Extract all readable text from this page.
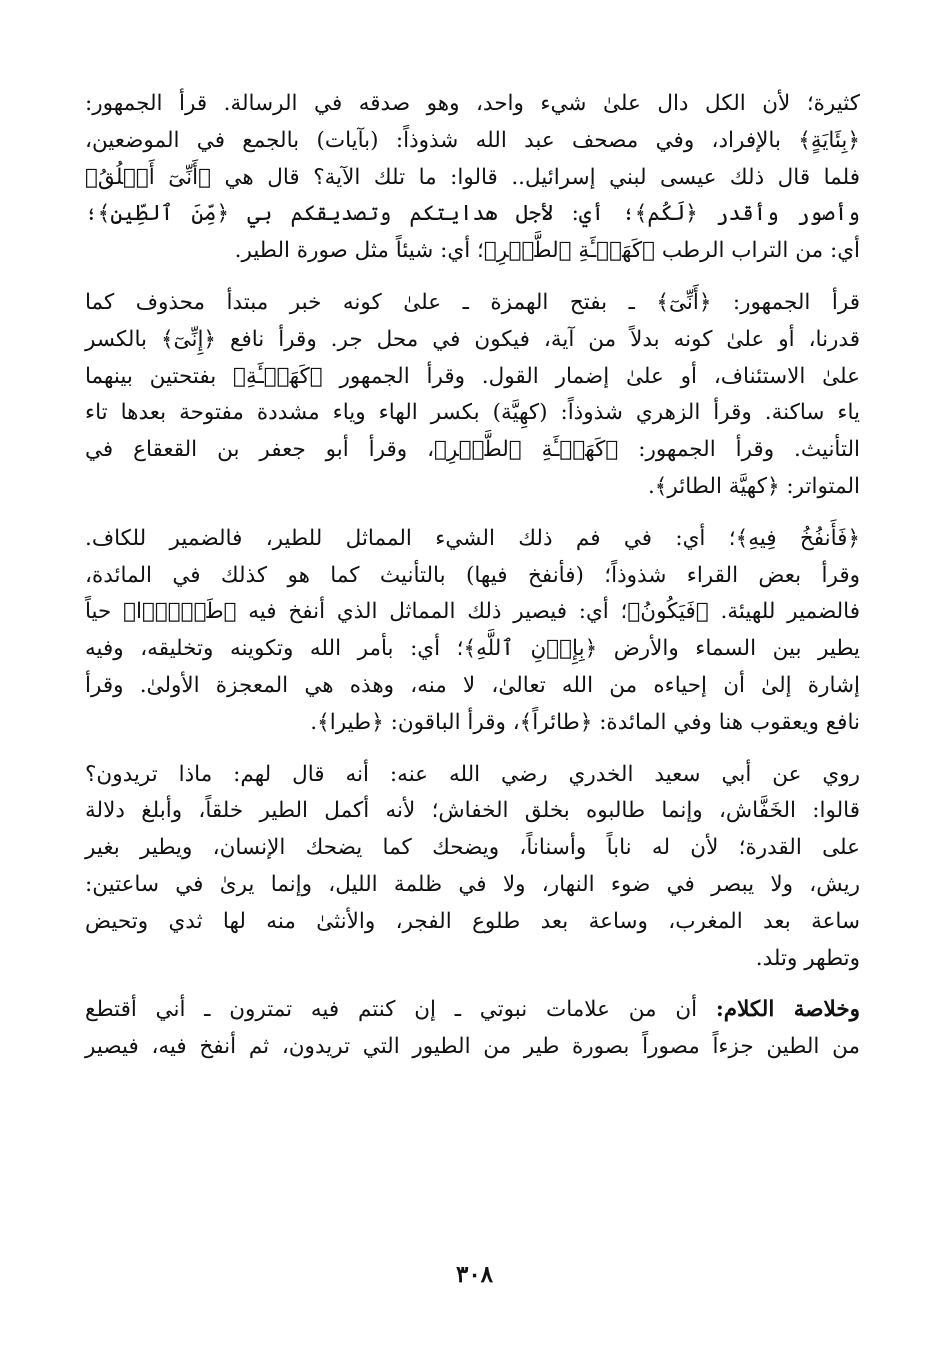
كثيرة؛ لأن الكل دال علىٰ شيء واحد، وهو صدقه في الرسالة. قرأ الجمهور:
﴿بِئَايَةٍ﴾ بالإفراد، وفي مصحف عبد الله شذوذاً: (بآيات) بالجمع في الموضعين،
فلما قال ذلك عيسى لبني إسرائيل.. قالوا: ما تلك الآية؟ قال هي ﴿أَنِّىٓ أَخۡلُقُ﴾
وأصور وأقدر ﴿لَكُم﴾؛ أي: لأجل هدايتكم وتصديقكم بي ﴿مِّنَ ٱلطِّينِ﴾؛
أي: من التراب الرطب ﴿كَهَيۡـَٔةِ ٱلطَّيۡرِ﴾؛ أي: شيئاً مثل صورة الطير.
قرأ الجمهور: ﴿أَنِّىٓ﴾ ـ بفتح الهمزة ـ علىٰ كونه خبر مبتدأ محذوف كما
قدرنا، أو علىٰ كونه بدلاً من آية، فيكون في محل جر. وقرأ نافع ﴿إِنِّىٓ﴾ بالكسر
علىٰ الاستئناف، أو علىٰ إضمار القول. وقرأ الجمهور ﴿كَهَيۡـَٔةِ﴾ بفتحتين بينهما
ياء ساكنة. وقرأ الزهري شذوذاً: (كهِيَّة) بكسر الهاء وياء مشددة مفتوحة بعدها تاء
التأنيث. وقرأ الجمهور: ﴿كَهَيۡـَٔةِ ٱلطَّيۡرِ﴾، وقرأ أبو جعفر بن القعقاع في
المتواتر: ﴿كهيَّة الطائر﴾.
﴿فَأَنفُخُ فِيهِ﴾؛ أي: في فم ذلك الشيء المماثل للطير، فالضمير للكاف.
وقرأ بعض القراء شذوذاً؛ (فأنفخ فيها) بالتأنيث كما هو كذلك في المائدة،
فالضمير للهيئة. ﴿فَيَكُونُ﴾؛ أي: فيصير ذلك المماثل الذي أنفخ فيه ﴿طَيۡرَۢا﴾ حياً
يطير بين السماء والأرض ﴿بِإِذۡنِ ٱللَّهِ﴾؛ أي: بأمر الله وتكوينه وتخليقه، وفيه
إشارة إلىٰ أن إحياءه من الله تعالىٰ، لا منه، وهذه هي المعجزة الأولىٰ. وقرأ
نافع ويعقوب هنا وفي المائدة: ﴿طائراً﴾، وقرأ الباقون: ﴿طيرا﴾.
روي عن أبي سعيد الخدري رضي الله عنه: أنه قال لهم: ماذا تريدون؟
قالوا: الخَفَّاش، وإنما طالبوه بخلق الخفاش؛ لأنه أكمل الطير خلقاً، وأبلغ دلالة
على القدرة؛ لأن له ناباً وأسناناً، ويضحك كما يضحك الإنسان، ويطير بغير
ريش، ولا يبصر في ضوء النهار، ولا في ظلمة الليل، وإنما يرىٰ في ساعتين:
ساعة بعد المغرب، وساعة بعد طلوع الفجر، والأنثىٰ منه لها ثدي وتحيض
وتطهر وتلد.
وخلاصة الكلام: أن من علامات نبوتي ـ إن كنتم فيه تمترون ـ أني أقتطع
من الطين جزءاً مصوراً بصورة طير من الطيور التي تريدون، ثم أنفخ فيه، فيصير
٣٠٨
